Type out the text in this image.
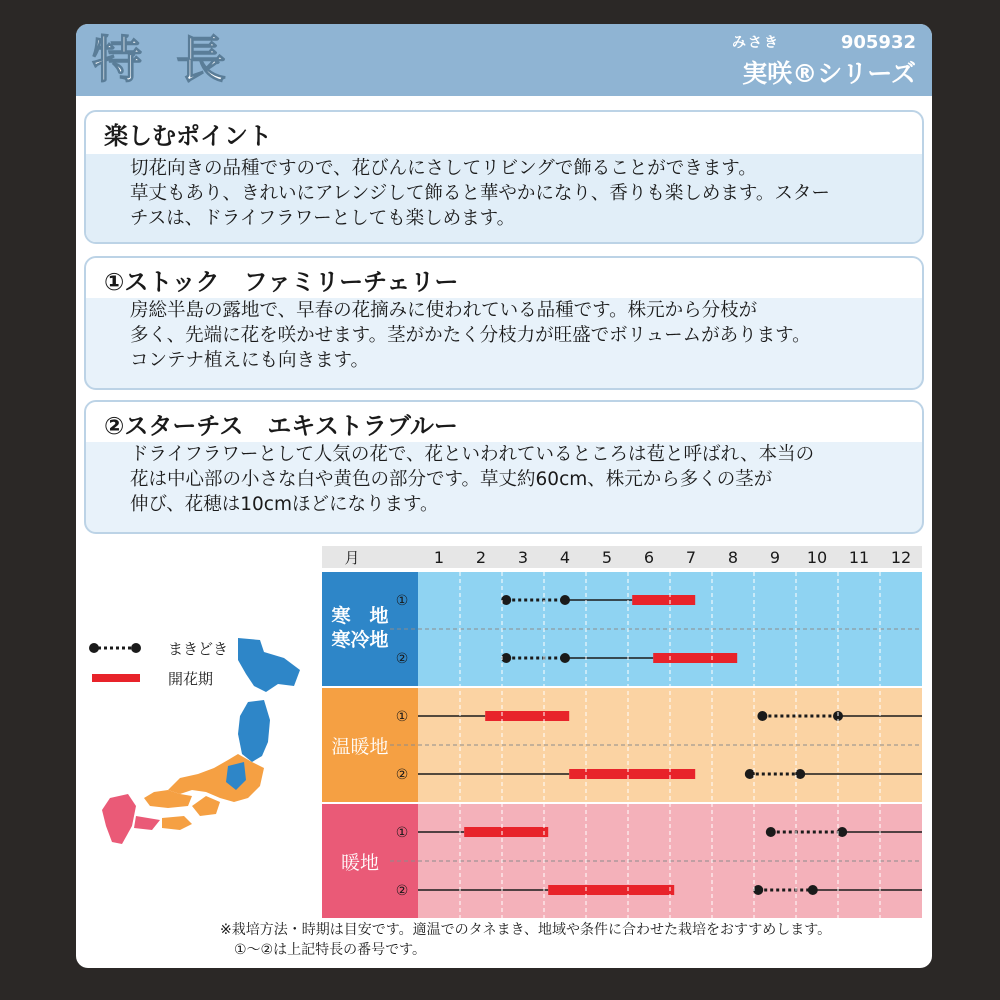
特長	みさき	905932
実咲®シリーズ
楽しむポイント
切花向きの品種ですので、花びんにさしてリビングで飾ることができます。
草丈もあり、きれいにアレンジして飾ると華やかになり、香りも楽しめます。スター
チスは、ドライフラワーとしても楽しめます。
①ストック　ファミリーチェリー
房総半島の露地で、早春の花摘みに使われている品種です。株元から分枝が
多く、先端に花を咲かせます。茎がかたく分枝力が旺盛でボリュームがあります。
コンテナ植えにも向きます。
②スターチス　エキストラブルー
ドライフラワーとして人気の花で、花といわれているところは苞と呼ばれ、本当の
花は中心部の小さな白や黄色の部分です。草丈約60cm、株元から多くの茎が
伸び、花穂は10cmほどになります。
まきどき
開花期
月	1 2 3 4 5 6 7 8 9 10 11 12
寒　地
寒冷地
①
②
温暖地
①
②
暖地
①
②
※栽培方法・時期は目安です。適温でのタネまき、地域や条件に合わせた栽培をおすすめします。
①〜②は上記特長の番号です。
